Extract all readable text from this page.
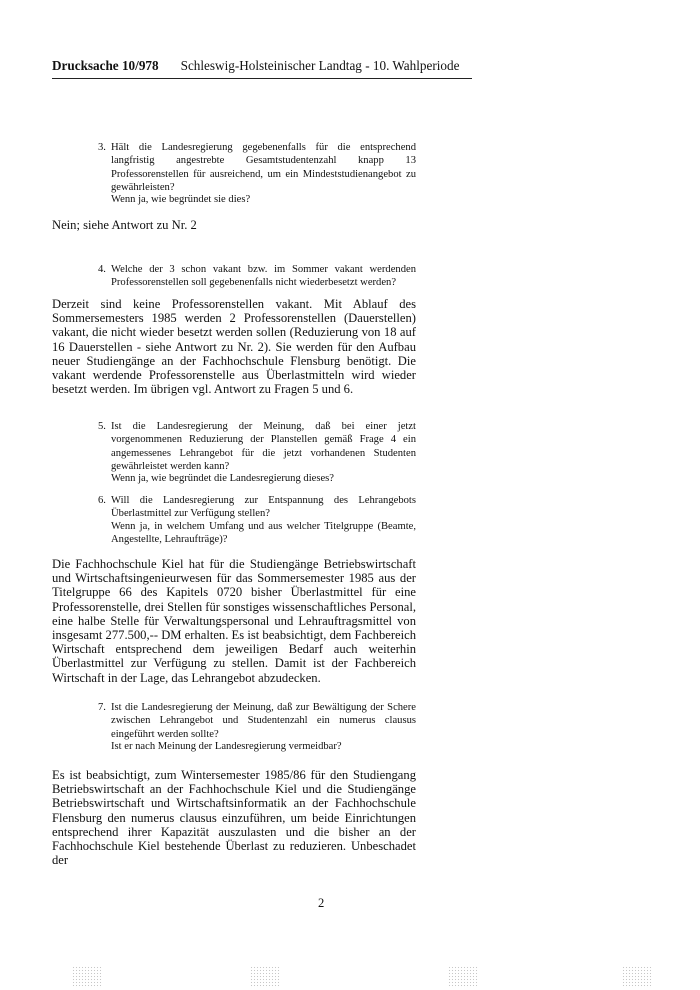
Drucksache 10/978 Schleswig-Holsteinischer Landtag - 10. Wahlperiode
3. Hält die Landesregierung gegebenenfalls für die entsprechend langfristig angestrebte Gesamtstudentenzahl knapp 13 Professorenstellen für ausreichend, um ein Mindeststudienangebot zu gewährleisten?
Wenn ja, wie begründet sie dies?
Nein; siehe Antwort zu Nr. 2
4. Welche der 3 schon vakant bzw. im Sommer vakant werdenden Professorenstellen soll gegebenenfalls nicht wiederbesetzt werden?
Derzeit sind keine Professorenstellen vakant. Mit Ablauf des Sommersemesters 1985 werden 2 Professorenstellen (Dauerstellen) vakant, die nicht wieder besetzt werden sollen (Reduzierung von 18 auf 16 Dauerstellen - siehe Antwort zu Nr. 2). Sie werden für den Aufbau neuer Studiengänge an der Fachhochschule Flensburg benötigt. Die vakant werdende Professorenstelle aus Überlastmitteln wird wieder besetzt werden. Im übrigen vgl. Antwort zu Fragen 5 und 6.
5. Ist die Landesregierung der Meinung, daß bei einer jetzt vorgenommenen Reduzierung der Planstellen gemäß Frage 4 ein angemessenes Lehrangebot für die jetzt vorhandenen Studenten gewährleistet werden kann?
Wenn ja, wie begründet die Landesregierung dieses?
6. Will die Landesregierung zur Entspannung des Lehrangebots Überlastmittel zur Verfügung stellen?
Wenn ja, in welchem Umfang und aus welcher Titelgruppe (Beamte, Angestellte, Lehraufträge)?
Die Fachhochschule Kiel hat für die Studiengänge Betriebswirtschaft und Wirtschaftsingenieurwesen für das Sommersemester 1985 aus der Titelgruppe 66 des Kapitels 0720 bisher Überlastmittel für eine Professorenstelle, drei Stellen für sonstiges wissenschaftliches Personal, eine halbe Stelle für Verwaltungspersonal und Lehrauftragsmittel von insgesamt 277.500,-- DM erhalten. Es ist beabsichtigt, dem Fachbereich Wirtschaft entsprechend dem jeweiligen Bedarf auch weiterhin Überlastmittel zur Verfügung zu stellen. Damit ist der Fachbereich Wirtschaft in der Lage, das Lehrangebot abzudecken.
7. Ist die Landesregierung der Meinung, daß zur Bewältigung der Schere zwischen Lehrangebot und Studentenzahl ein numerus clausus eingeführt werden sollte?
Ist er nach Meinung der Landesregierung vermeidbar?
Es ist beabsichtigt, zum Wintersemester 1985/86 für den Studiengang Betriebswirtschaft an der Fachhochschule Kiel und die Studiengänge Betriebswirtschaft und Wirtschaftsinformatik an der Fachhochschule Flensburg den numerus clausus einzuführen, um beide Einrichtungen entsprechend ihrer Kapazität auszulasten und die bisher an der Fachhochschule Kiel bestehende Überlast zu reduzieren. Unbeschadet der
2
